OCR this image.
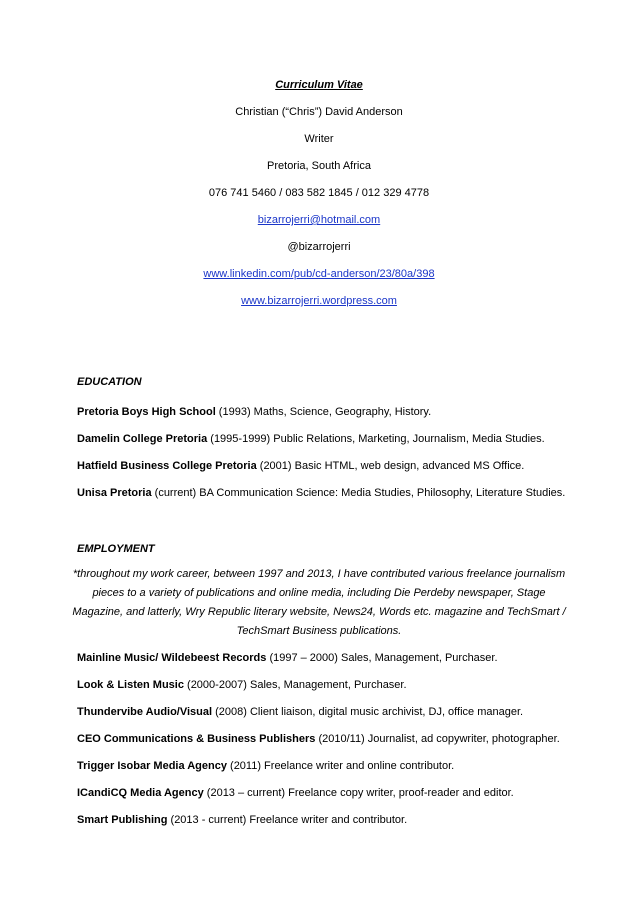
Curriculum Vitae
Christian (“Chris”) David Anderson
Writer
Pretoria, South Africa
076 741 5460 / 083 582 1845 / 012 329 4778
bizarrojerri@hotmail.com
@bizarrojerri
www.linkedin.com/pub/cd-anderson/23/80a/398
www.bizarrojerri.wordpress.com
EDUCATION
Pretoria Boys High School (1993) Maths, Science, Geography, History.
Damelin College Pretoria (1995-1999) Public Relations, Marketing, Journalism, Media Studies.
Hatfield Business College Pretoria (2001) Basic HTML, web design, advanced MS Office.
Unisa Pretoria (current) BA Communication Science: Media Studies, Philosophy, Literature Studies.
EMPLOYMENT
*throughout my work career, between 1997 and 2013, I have contributed various freelance journalism pieces to a variety of publications and online media, including Die Perdeby newspaper, Stage Magazine, and latterly, Wry Republic literary website, News24, Words etc. magazine and TechSmart / TechSmart Business publications.
Mainline Music/ Wildebeest Records (1997 – 2000) Sales, Management, Purchaser.
Look & Listen Music (2000-2007) Sales, Management, Purchaser.
Thundervibe Audio/Visual (2008) Client liaison, digital music archivist, DJ, office manager.
CEO Communications & Business Publishers (2010/11) Journalist, ad copywriter, photographer.
Trigger Isobar Media Agency (2011) Freelance writer and online contributor.
ICandiCQ Media Agency (2013 – current) Freelance copy writer, proof-reader and editor.
Smart Publishing (2013 - current) Freelance writer and contributor.
